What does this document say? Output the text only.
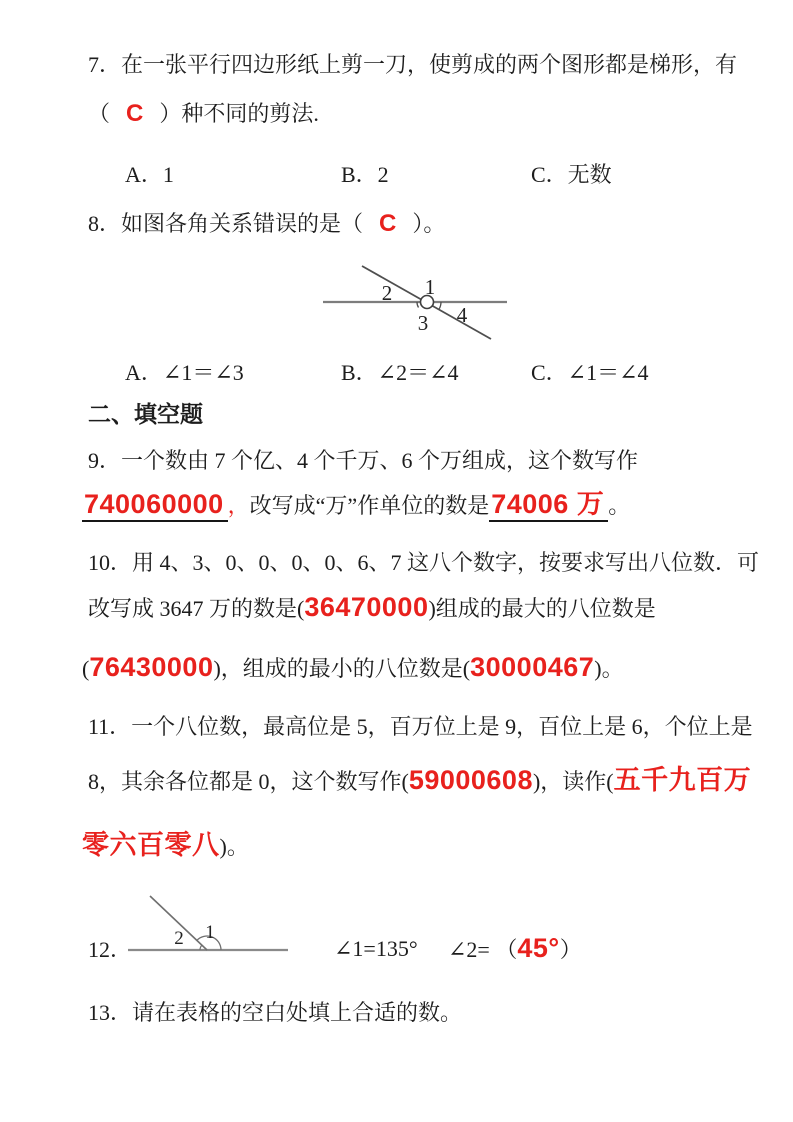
7．在一张平行四边形纸上剪一刀，使剪成的两个图形都是梯形，有
（ C ）种不同的剪法.
A．1	B．2	C．无数
8．如图各角关系错误的是（ C ）。
1
2
3 4
A．∠1＝∠3	B．∠2＝∠4	C．∠1＝∠4
二、填空题
9．一个数由 7 个亿、4 个千万、6 个万组成，这个数写作
740060000 ，改写成“万”作单位的数是74006 万 。
10．用 4、3、0、0、0、0、6、7 这八个数字，按要求写出八位数．可
改写成 3647 万的数是(36470000)组成的最大的八位数是
(76430000)，组成的最小的八位数是(30000467)。
11．一个八位数，最高位是 5，百万位上是 9，百位上是 6，个位上是
8，其余各位都是 0，这个数写作(59000608)，读作(五千九百万
零六百零八)。
12．
1
2	∠1=135° ∠2= （45°）
13．请在表格的空白处填上合适的数。
